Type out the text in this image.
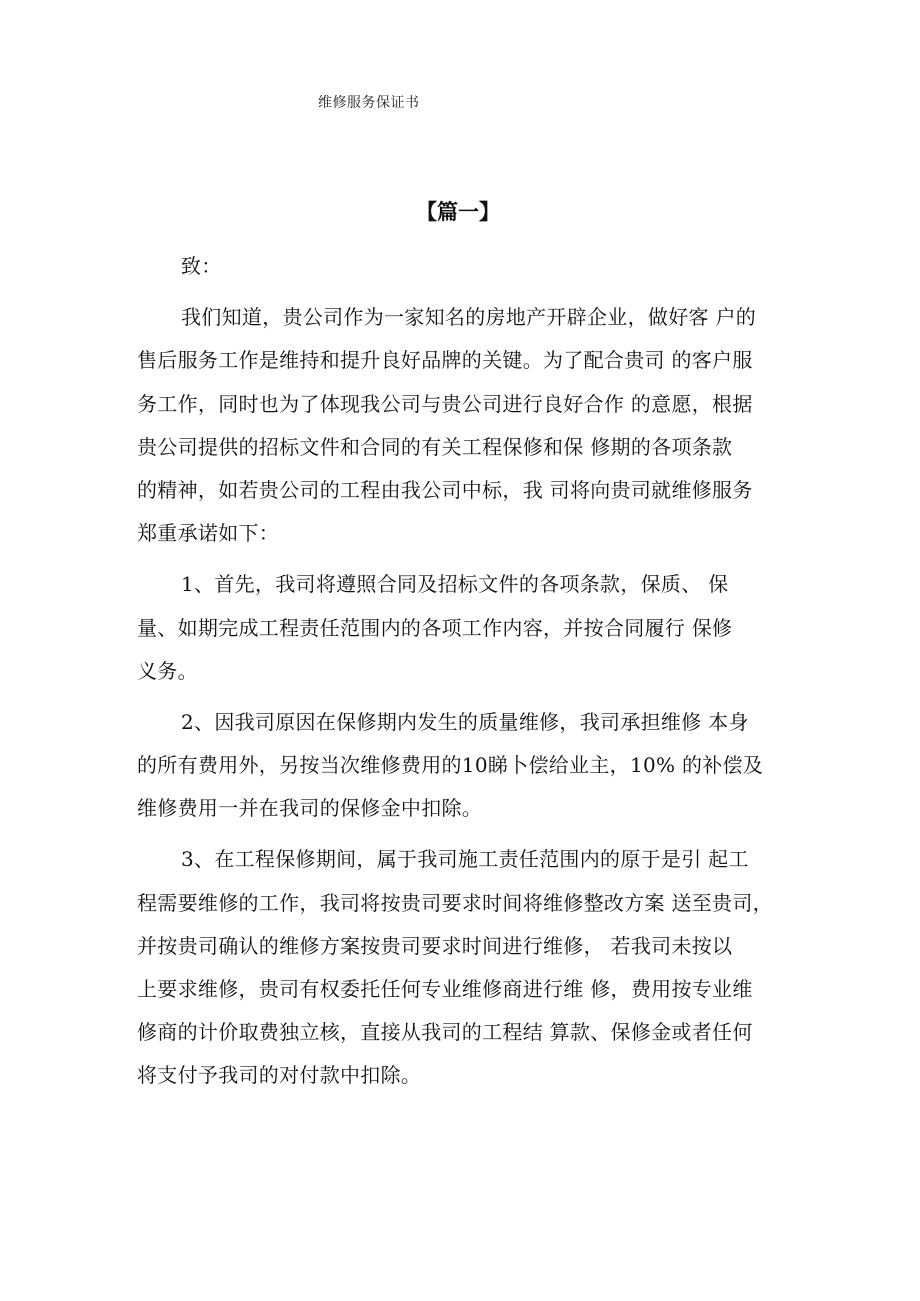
维修服务保证书
【篇一】
致：
我们知道，贵公司作为一家知名的房地产开辟企业，做好客 户的
售后服务工作是维持和提升良好品牌的关键。为了配合贵司 的客户服
务工作，同时也为了体现我公司与贵公司进行良好合作 的意愿，根据
贵公司提供的招标文件和合同的有关工程保修和保 修期的各项条款
的精神，如若贵公司的工程由我公司中标，我 司将向贵司就维修服务
郑重承诺如下：
1、首先，我司将遵照合同及招标文件的各项条款，保质、 保
量、如期完成工程责任范围内的各项工作内容，并按合同履行 保修
义务。
2、因我司原因在保修期内发生的质量维修，我司承担维修 本身
的所有费用外，另按当次维修费用的10睇卜偿给业主，10% 的补偿及
维修费用一并在我司的保修金中扣除。
3、在工程保修期间，属于我司施工责任范围内的原于是引 起工
程需要维修的工作，我司将按贵司要求时间将维修整改方案 送至贵司，
并按贵司确认的维修方案按贵司要求时间进行维修， 若我司未按以
上要求维修，贵司有权委托任何专业维修商进行维 修，费用按专业维
修商的计价取费独立核，直接从我司的工程结 算款、保修金或者任何
将支付予我司的对付款中扣除。
